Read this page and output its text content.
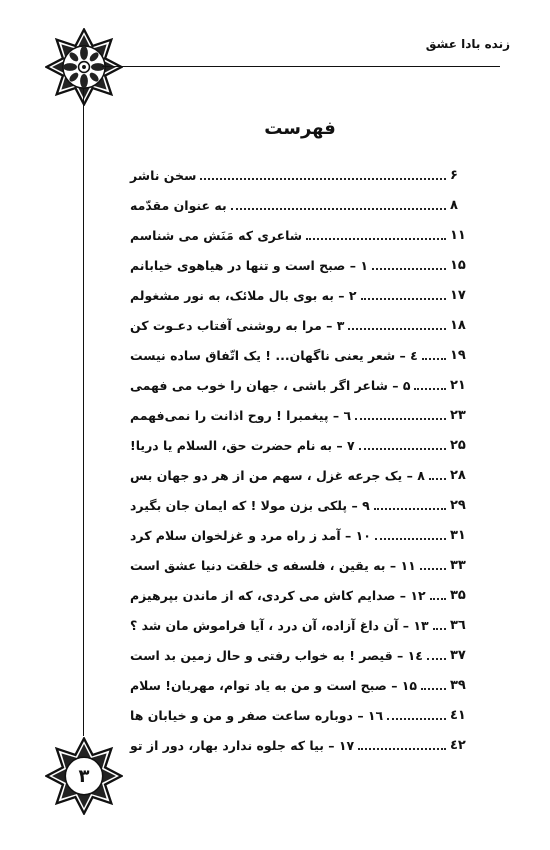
زنده بادا عشق
فهرست
سخن ناشر	۶
به عنوان مقدّمه	۸
شاعری که مَنَش می شناسم	۱۱
۱ – صبح است و تنها در هیاهوی خیابانم	۱۵
۲ – به بوی بال ملائک، به نور مشغولم	۱۷
۳ – مرا به روشنی آفتاب دعـوت کن	۱۸
٤ – شعر یعنی ناگهان... ! یک اتّفاق ساده نیست ۱۹
۵ – شاعر اگر باشی ، جهان را خوب می فهمی	۲۱
٦ – پیغمبرا ! روح اذانت را نمی‌فهمم	۲۳
۷ – به نام حضرت حق، السلام یا دریا!	۲۵
۸ – یک جرعه غزل ، سهم من از هر دو جهان بس ۲۸
۹ – پلکی بزن مولا ! که ایمان جان بگیرد	۲۹
۱۰ – آمد ز راه مرد و غزلخوان سلام کرد	۳۱
۱۱ – به یقین ، فلسفه ی خلقت دنیا عشق است	۳۳
۱۲ – صدایم کاش می کردی، که از ماندن بپرهیزم ۳۵
۱۳ – آن داغ آزاده، آن درد ، آیا فراموش مان شد ؟ ۳٦
۱٤ – قیصر ! به خواب رفتی و حال زمین بد است ۳۷
۱۵ – صبح است و من به یاد توام، مهربان! سلام	۳۹
۱٦ – دوباره ساعت صفر و من و خیابان ها	٤۱
۱۷ – بیا که جلوه ندارد بهار، دور از تو	٤۲
۳
